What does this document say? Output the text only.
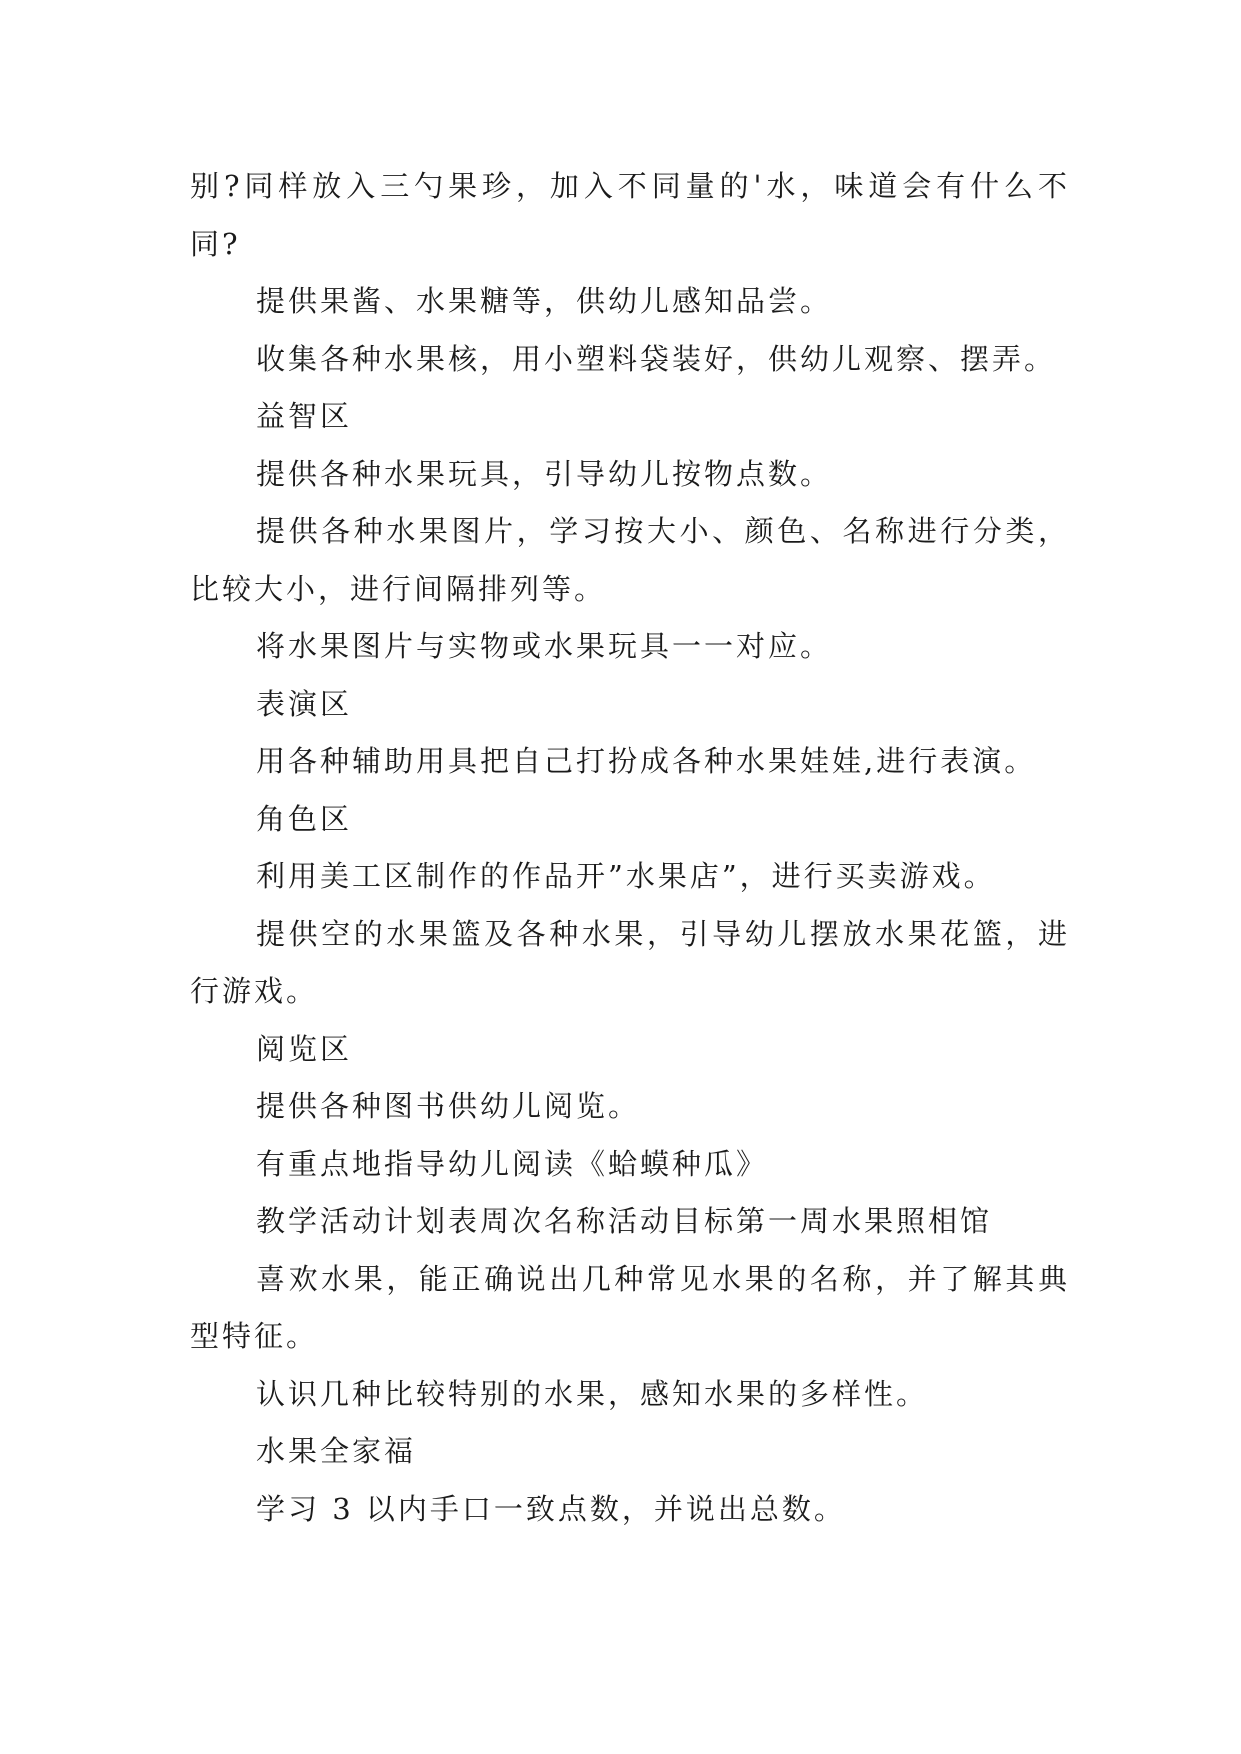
别?同样放入三勺果珍，加入不同量的'水，味道会有什么不同?

提供果酱、水果糖等，供幼儿感知品尝。

收集各种水果核，用小塑料袋装好，供幼儿观察、摆弄。

益智区

提供各种水果玩具，引导幼儿按物点数。

提供各种水果图片，学习按大小、颜色、名称进行分类，比较大小，进行间隔排列等。

将水果图片与实物或水果玩具一一对应。

表演区

用各种辅助用具把自己打扮成各种水果娃娃,进行表演。

角色区

利用美工区制作的作品开”水果店”，进行买卖游戏。

提供空的水果篮及各种水果，引导幼儿摆放水果花篮，进行游戏。

阅览区

提供各种图书供幼儿阅览。

有重点地指导幼儿阅读《蛤蟆种瓜》

教学活动计划表周次名称活动目标第一周水果照相馆

喜欢水果，能正确说出几种常见水果的名称，并了解其典型特征。

认识几种比较特别的水果，感知水果的多样性。

水果全家福

学习 3 以内手口一致点数，并说出总数。
